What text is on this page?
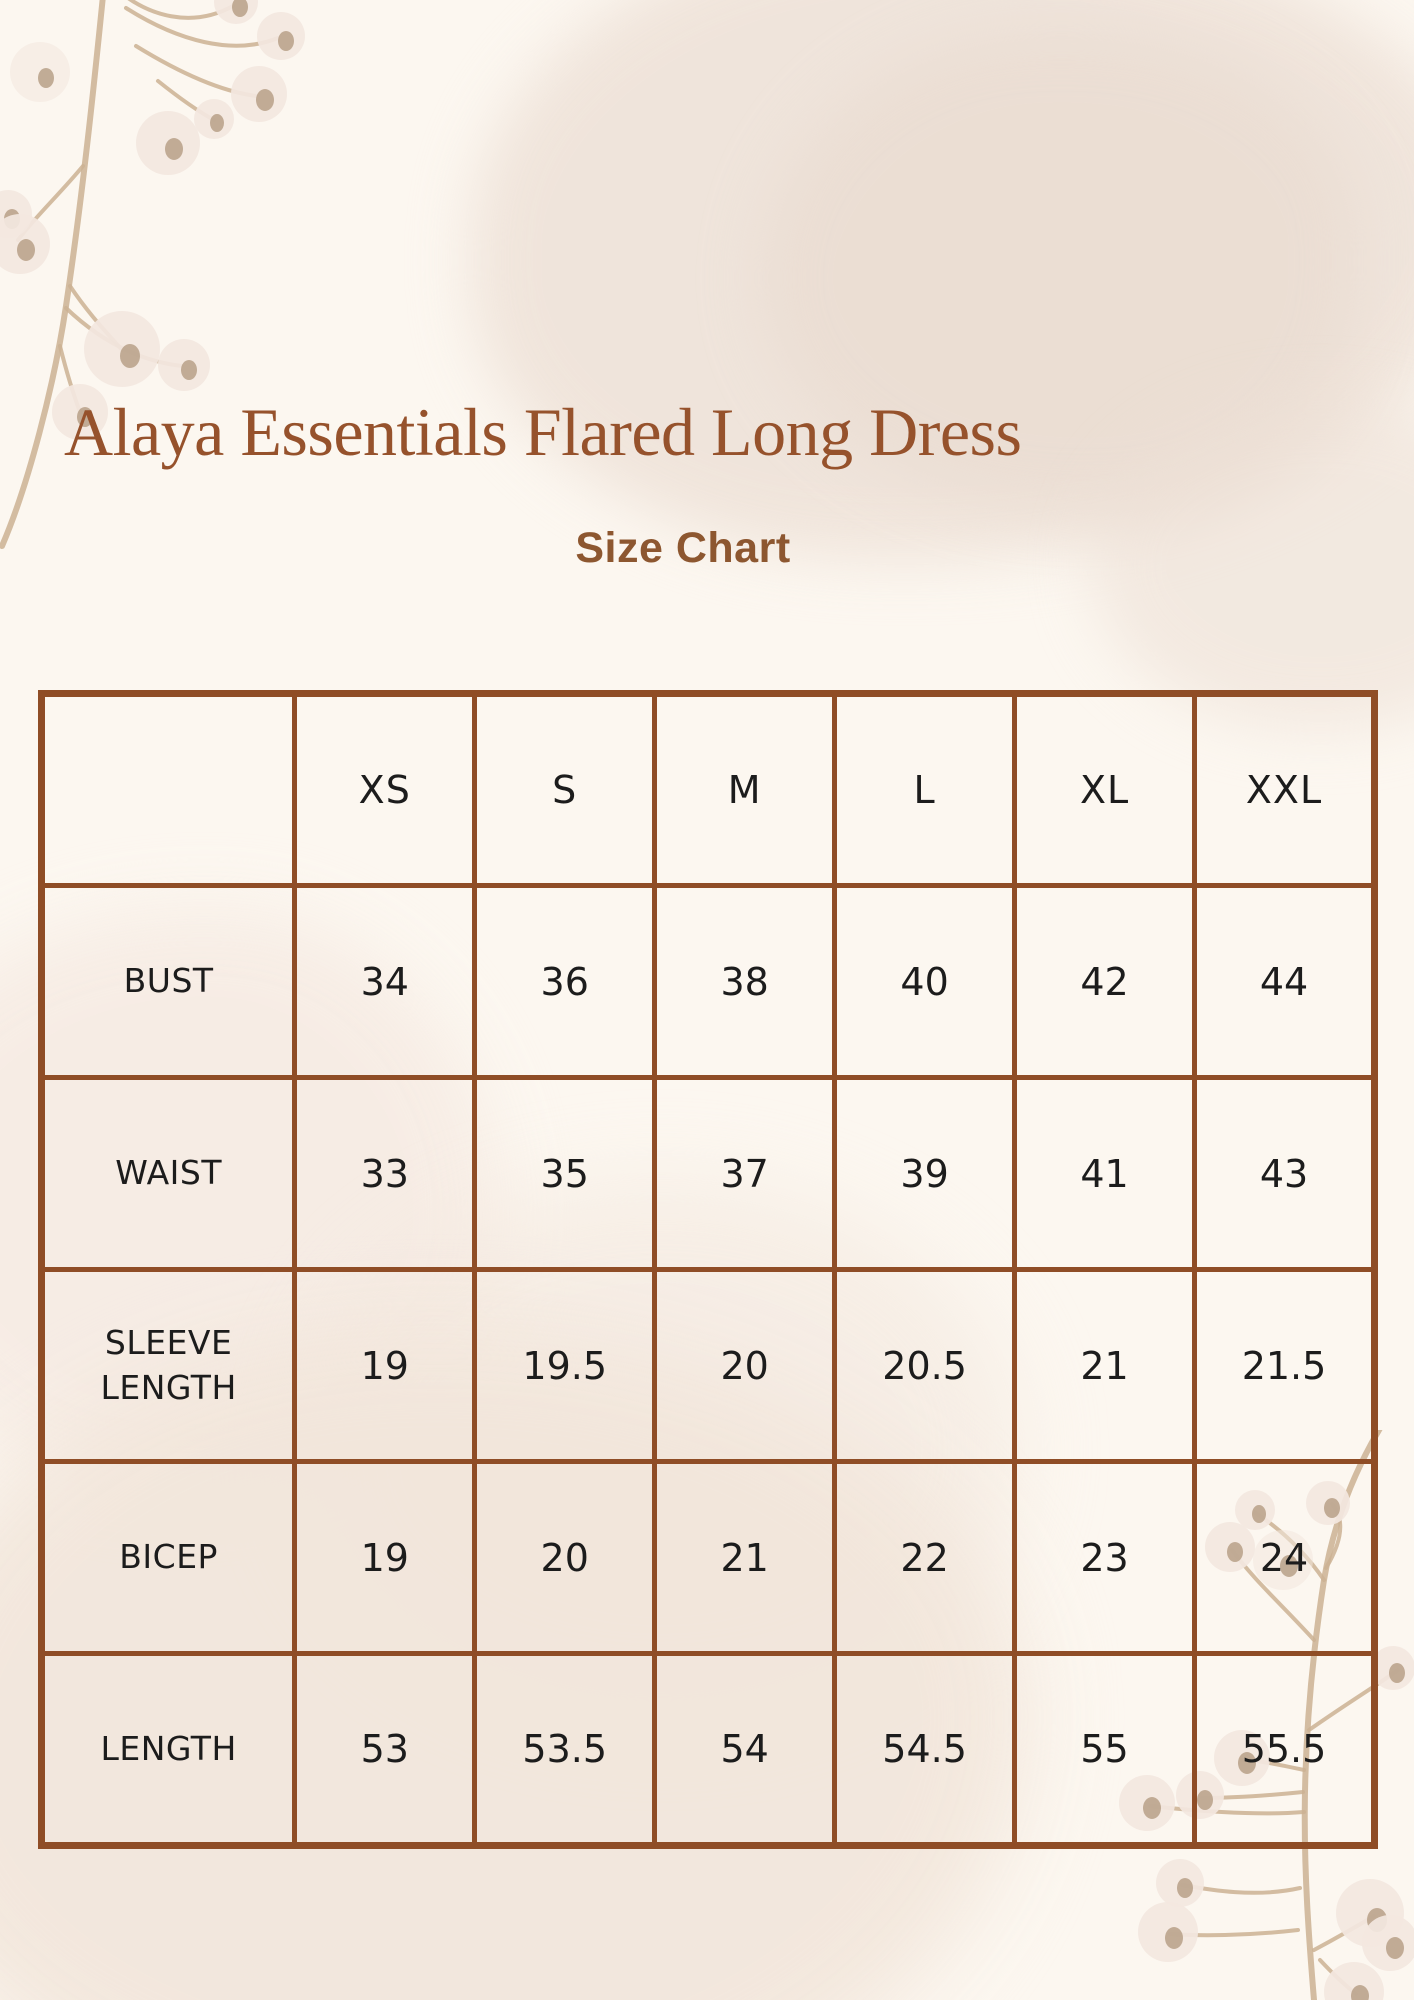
Alaya Essentials Flared Long Dress
Size Chart
	XS	S	M	L	XL	XXL
BUST	34	36	38	40	42	44
WAIST	33	35	37	39	41	43
SLEEVE LENGTH	19	19.5	20	20.5	21	21.5
BICEP	19	20	21	22	23	24
LENGTH	53	53.5	54	54.5	55	55.5
